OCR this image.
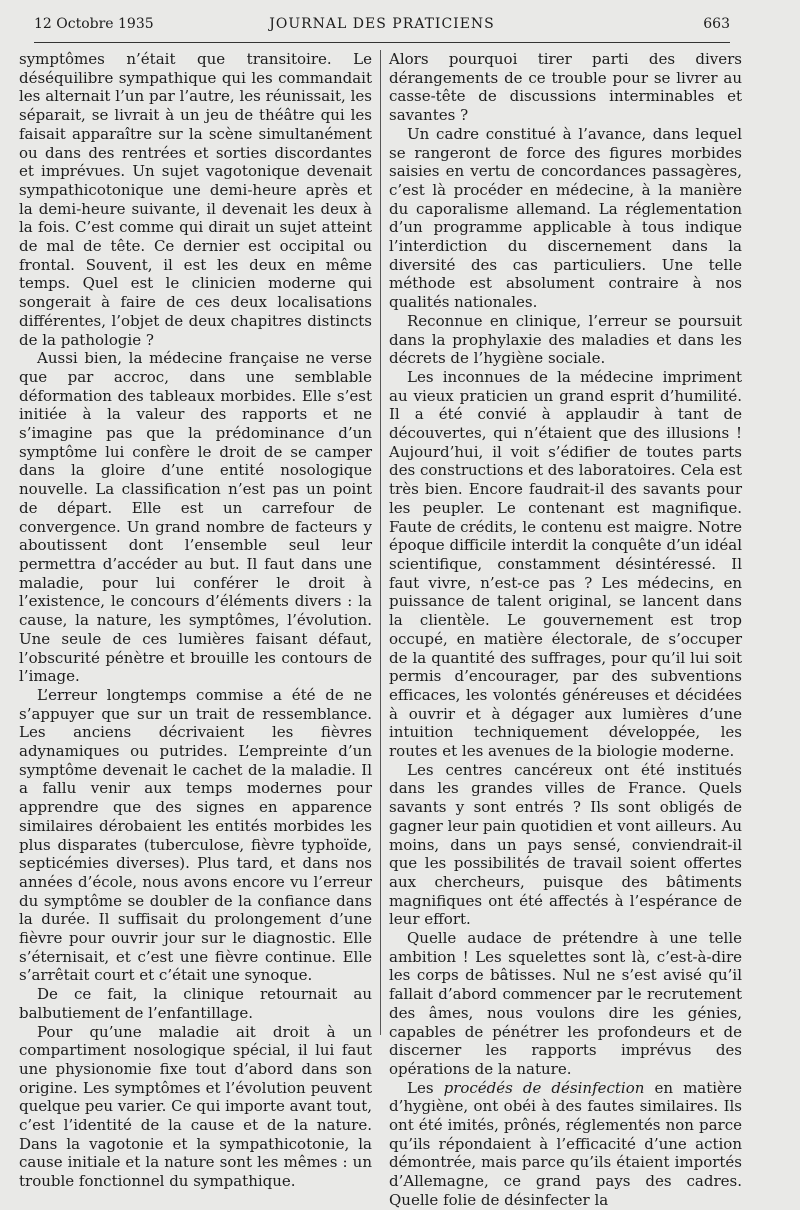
12 Octobre 1935	JOURNAL DES PRATICIENS	663

symptômes n’était que transitoire. Le déséquilibre sympathique qui les commandait les alternait l’un par l’autre, les réunissait, les séparait, se livrait à un jeu de théâtre qui les faisait apparaître sur la scène simultanément ou dans des rentrées et sorties discordantes et imprévues. Un sujet vagotonique devenait sympathicotonique une demi-heure après et la demi-heure suivante, il devenait les deux à la fois. C’est comme qui dirait un sujet atteint de mal de tête. Ce dernier est occipital ou frontal. Souvent, il est les deux en même temps. Quel est le clinicien moderne qui songerait à faire de ces deux localisations différentes, l’objet de deux chapitres distincts de la pathologie ?

Aussi bien, la médecine française ne verse que par accroc, dans une semblable déformation des tableaux morbides. Elle s’est initiée à la valeur des rapports et ne s’imagine pas que la prédominance d’un symptôme lui confère le droit de se camper dans la gloire d’une entité nosologique nouvelle. La classification n’est pas un point de départ. Elle est un carrefour de convergence. Un grand nombre de facteurs y aboutissent dont l’ensemble seul leur permettra d’accéder au but. Il faut dans une maladie, pour lui conférer le droit à l’existence, le concours d’éléments divers : la cause, la nature, les symptômes, l’évolution. Une seule de ces lumières faisant défaut, l’obscurité pénètre et brouille les contours de l’image.

L’erreur longtemps commise a été de ne s’appuyer que sur un trait de ressemblance. Les anciens décrivaient les fièvres adynamiques ou putrides. L’empreinte d’un symptôme devenait le cachet de la maladie. Il a fallu venir aux temps modernes pour apprendre que des signes en apparence similaires dérobaient les entités morbides les plus disparates (tuberculose, fièvre typhoïde, septicémies diverses). Plus tard, et dans nos années d’école, nous avons encore vu l’erreur du symptôme se doubler de la confiance dans la durée. Il suffisait du prolongement d’une fièvre pour ouvrir jour sur le diagnostic. Elle s’éternisait, et c’est une fièvre continue. Elle s’arrêtait court et c’était une synoque.

De ce fait, la clinique retournait au balbutiement de l’enfantillage.

Pour qu’une maladie ait droit à un compartiment nosologique spécial, il lui faut une physionomie fixe tout d’abord dans son origine. Les symptômes et l’évolution peuvent quelque peu varier. Ce qui importe avant tout, c’est l’identité de la cause et de la nature. Dans la vagotonie et la sympathicotonie, la cause initiale et la nature sont les mêmes : un trouble fonctionnel du sympathique.

Alors pourquoi tirer parti des divers dérangements de ce trouble pour se livrer au casse-tête de discussions interminables et savantes ?

Un cadre constitué à l’avance, dans lequel se rangeront de force des figures morbides saisies en vertu de concordances passagères, c’est là procéder en médecine, à la manière du caporalisme allemand. La réglementation d’un programme applicable à tous indique l’interdiction du discernement dans la diversité des cas particuliers. Une telle méthode est absolument contraire à nos qualités nationales.

Reconnue en clinique, l’erreur se poursuit dans la prophylaxie des maladies et dans les décrets de l’hygiène sociale.

Les inconnues de la médecine impriment au vieux praticien un grand esprit d’humilité. Il a été convié à applaudir à tant de découvertes, qui n’étaient que des illusions ! Aujourd’hui, il voit s’édifier de toutes parts des constructions et des laboratoires. Cela est très bien. Encore faudrait-il des savants pour les peupler. Le contenant est magnifique. Faute de crédits, le contenu est maigre. Notre époque difficile interdit la conquête d’un idéal scientifique, constamment désintéressé. Il faut vivre, n’est-ce pas ? Les médecins, en puissance de talent original, se lancent dans la clientèle. Le gouvernement est trop occupé, en matière électorale, de s’occuper de la quantité des suffrages, pour qu’il lui soit permis d’encourager, par des subventions efficaces, les volontés généreuses et décidées à ouvrir et à dégager aux lumières d’une intuition techniquement développée, les routes et les avenues de la biologie moderne.

Les centres cancéreux ont été institués dans les grandes villes de France. Quels savants y sont entrés ? Ils sont obligés de gagner leur pain quotidien et vont ailleurs. Au moins, dans un pays sensé, conviendrait-il que les possibilités de travail soient offertes aux chercheurs, puisque des bâtiments magnifiques ont été affectés à l’espérance de leur effort.

Quelle audace de prétendre à une telle ambition ! Les squelettes sont là, c’est-à-dire les corps de bâtisses. Nul ne s’est avisé qu’il fallait d’abord commencer par le recrutement des âmes, nous voulons dire les génies, capables de pénétrer les profondeurs et de discerner les rapports imprévus des opérations de la nature.

Les procédés de désinfection en matière d’hygiène, ont obéi à des fautes similaires. Ils ont été imités, prônés, réglementés non parce qu’ils répondaient à l’efficacité d’une action démontrée, mais parce qu’ils étaient importés d’Allemagne, ce grand pays des cadres. Quelle folie de désinfecter la
